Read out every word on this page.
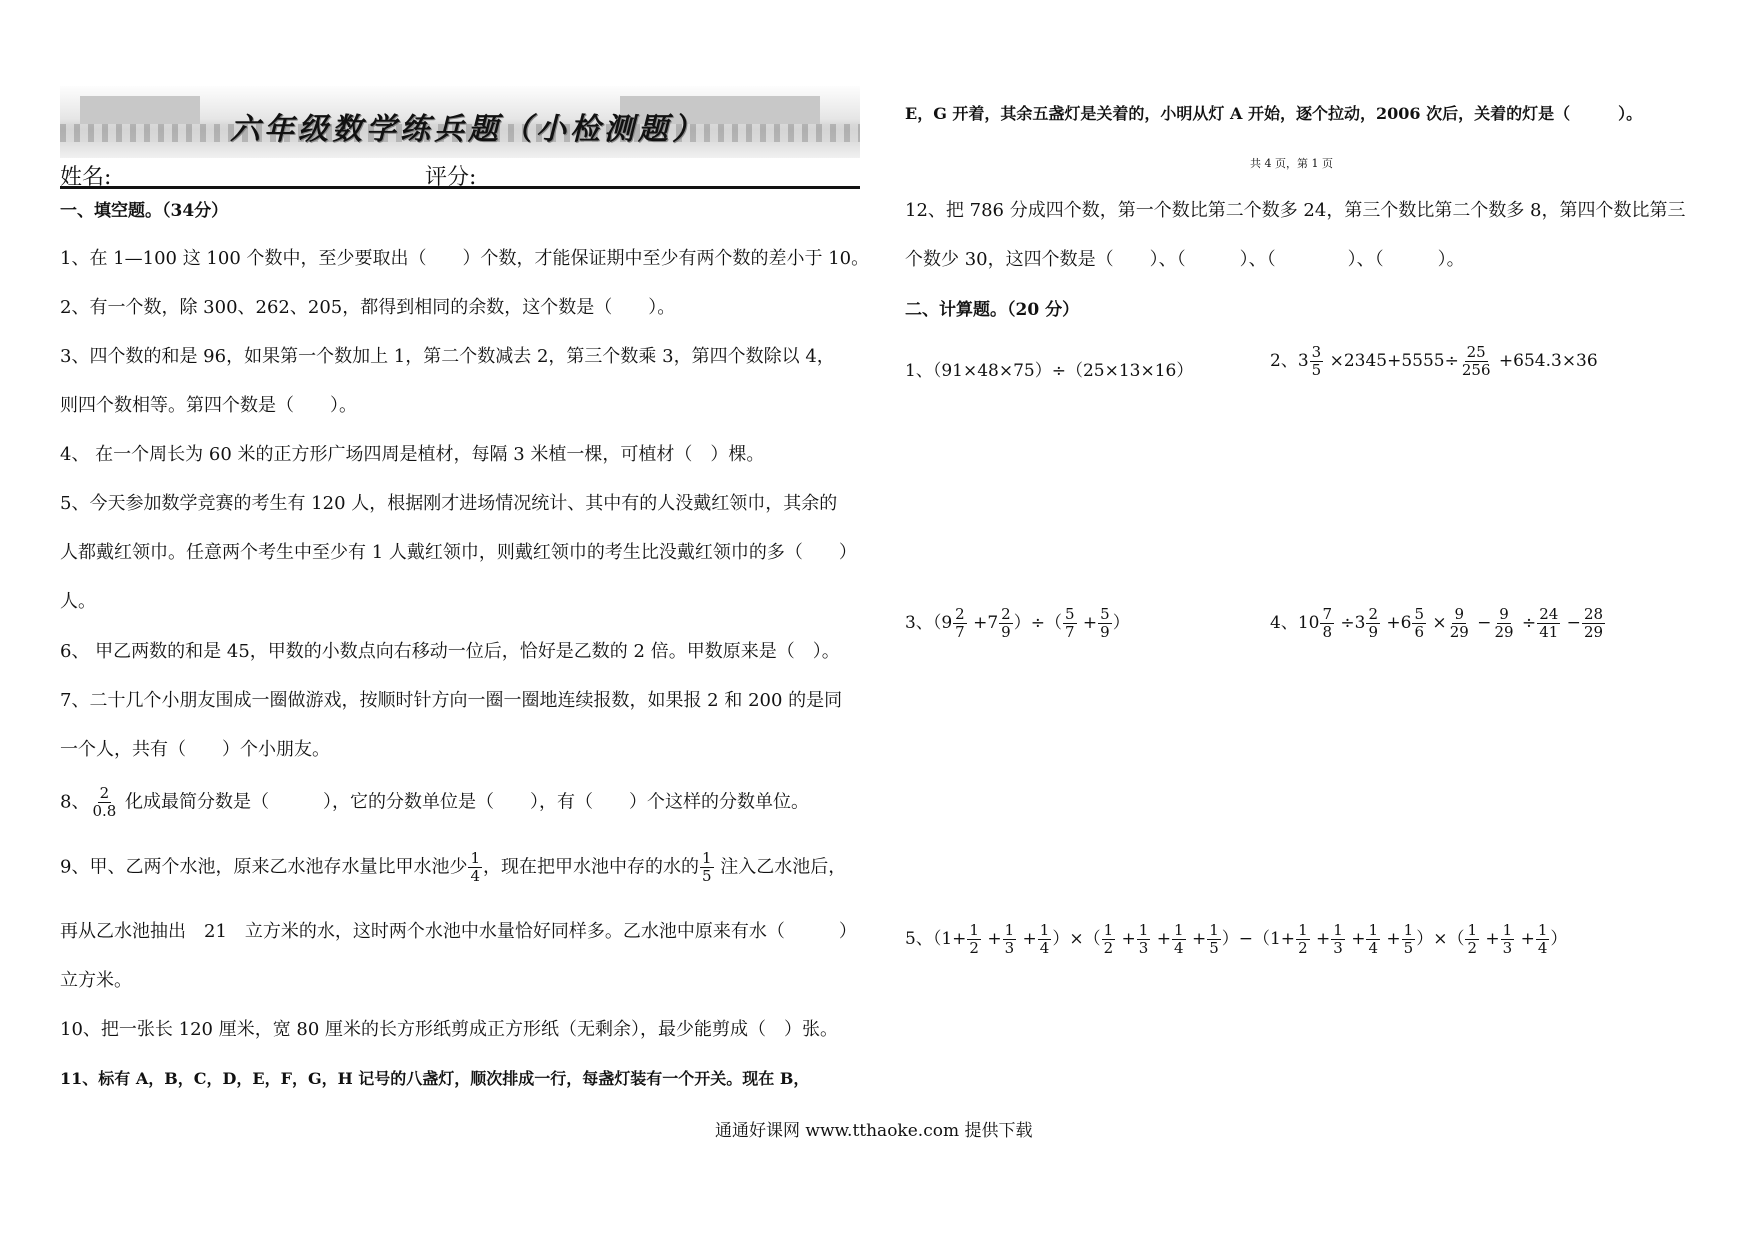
六年级数学练兵题（小检测题）
姓名:	评分:
一、填空题。（34分）
1、在 1—100 这 100 个数中，至少要取出（　　）个数，才能保证期中至少有两个数的差小于 10。
2、有一个数，除 300、262、205，都得到相同的余数，这个数是（　　）。
3、四个数的和是 96，如果第一个数加上 1，第二个数减去 2，第三个数乘 3，第四个数除以 4，
则四个数相等。第四个数是（　　）。
4、 在一个周长为 60 米的正方形广场四周是植材，每隔 3 米植一棵，可植材（　）棵。
5、今天参加数学竞赛的考生有 120 人，根据刚才进场情况统计、其中有的人没戴红领巾，其余的
人都戴红领巾。任意两个考生中至少有 1 人戴红领巾，则戴红领巾的考生比没戴红领巾的多（　　）
人。
6、 甲乙两数的和是 45，甲数的小数点向右移动一位后，恰好是乙数的 2 倍。甲数原来是（　）。
7、二十几个小朋友围成一圈做游戏，按顺时针方向一圈一圈地连续报数，如果报 2 和 200 的是同
一个人，共有（　　）个小朋友。
8、 $\frac{2}{0.8}$ 化成最简分数是（　　　），它的分数单位是（　　），有（　　）个这样的分数单位。
9、甲、乙两个水池，原来乙水池存水量比甲水池少 $\frac{1}{4}$ ，现在把甲水池中存的水的 $\frac{1}{5}$ 注入乙水池后，
再从乙水池抽出　21　立方米的水，这时两个水池中水量恰好同样多。乙水池中原来有水（　　　）
立方米。
10、把一张长 120 厘米，宽 80 厘米的长方形纸剪成正方形纸（无剩余），最少能剪成（　）张。
11、标有 A，B，C，D，E，F，G，H 记号的八盏灯，顺次排成一行，每盏灯装有一个开关。现在 B，
E，G 开着，其余五盏灯是关着的，小明从灯 A 开始，逐个拉动，2006 次后，关着的灯是（　　　）。
共 4 页，第 1 页
12、把 786 分成四个数，第一个数比第二个数多 24，第三个数比第二个数多 8，第四个数比第三
个数少 30，这四个数是（　　）、（　　　）、（　　　　）、（　　　）。
二、计算题。（20 分）
1、（91×48×75）÷（25×13×16）	2、$3 \frac{3}{5} \times 2345+5555\div \frac{25}{256} +654.3\times 36$
3、（$9 \frac{2}{7} +7 \frac{2}{9}$ ）÷（ $\frac{5}{7} + \frac{5}{9}$ ）	4、$10 \frac{7}{8} \div 3 \frac{2}{9} +6 \frac{5}{6} \times \frac{9}{29} - \frac{9}{29} \div \frac{24}{41} - \frac{28}{29}$
5、（$1+ \frac{1}{2} + \frac{1}{3} + \frac{1}{4}$ ）×（ $\frac{1}{2} + \frac{1}{3} + \frac{1}{4} + \frac{1}{5} )-(1+ \frac{1}{2} + \frac{1}{3} + \frac{1}{4} + \frac{1}{5}$ ）×（ $\frac{1}{2} + \frac{1}{3} + \frac{1}{4}$ ）
通通好课网 www.tthaoke.com 提供下载
